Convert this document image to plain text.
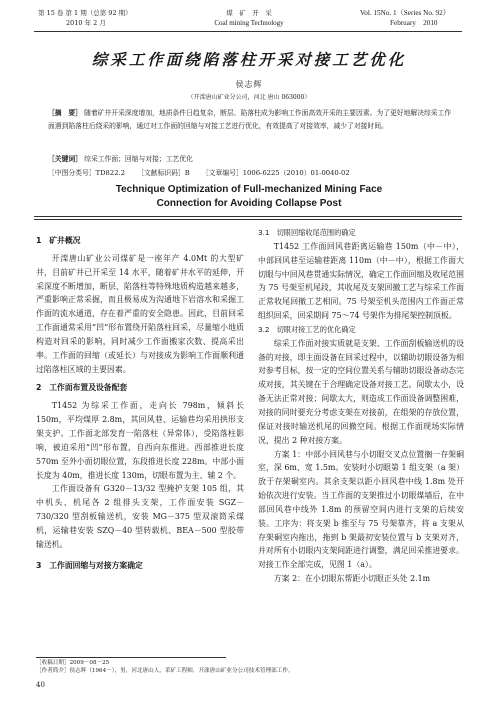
第 15 卷 第 1 期（总第 92 期）
2010 年 2 月
煤　矿　开　采
Coal mining Technology
Vol. 15No. 1（Series No. 92）
February　2010
综采工作面绕陷落柱开采对接工艺优化
侯志辉
（开滦唐山矿业分公司，河北 唐山 063000）
［摘　要］ 随着矿井开采深度增加，地质条件日趋复杂，断层、陷落柱成为影响工作面高效开采的主要因素。为了更好地解决综采工作面遇到陷落柱后绕采的影响，通过对工作面的回缩与对接工艺进行优化，有效提高了对接效率，减少了对接时间。
［关键词］ 综采工作面；回缩与对接；工艺优化
［中图分类号］TD822.2 ［文献标识码］B ［文章编号］1006-6225（2010）01-0040-02
Technique Optimization of Full-mechanized Mining Face
Connection for Avoiding Collapse Post
1　矿井概况

开滦唐山矿业公司煤矿是一座年产 4.0Mt 的大型矿井，目前矿井已开采至 14 水平，随着矿井水平的延伸，开采深度不断增加，断层、陷落柱等特殊地质构造越来越多，严重影响正常采掘，而且极易成为沟通地下岩溶水和采掘工作面的流水通道，存在着严重的安全隐患。因此，目前回采工作面通常采用“凹”形布置绕开陷落柱回采，尽量缩小地质构造对回采的影响，同时减少工作面搬家次数、提高采出率。工作面的回缩（或延长）与对接成为影响工作面顺利通过陷落柱区域的主要因素。

2　工作面布置及设备配套

T1452 为综采工作面，走向长 798m，倾斜长 150m，平均煤厚 2.8m，其回风巷、运输巷均采用拱形支架支护。工作面北部发育一陷落柱（异常体），受陷落柱影响，被迫采用“凹”形布置，自西向东推进。西部推进长度 570m 至外小面切眼位置，东段推进长度 228m。中部小面长度为 40m，推进长度 130m，切眼布置为主、辅 2 个。

工作面设备有 G320－13/32 型掩护支架 105 组，其中机头、机尾各 2 组排头支架，工作面安装 SGZ－730/320 型刮板输送机，安装 MG－375 型双滚筒采煤机，运输巷安装 SZQ－40 型转载机、BEA－500 型胶带输送机。

3　工作面回缩与对接方案确定
3.1　切眼回缩收尾范围的确定

T1452 工作面回风巷距离运输巷 150m（中－中），中部回风巷至运输巷距离 110m（中－中），根据工作面大切眼与中回风巷贯通实际情况，确定工作面回缩及收尾范围为 75 号架至机尾段，其收尾及支架回撤工艺与综采工作面正常收尾回撤工艺相同。75 号架至机头范围内工作面正常组织回采，回采期间 75～74 号架作为排尾架控制顶板。

3.2　切眼对接工艺的优化确定

综采工作面对接实质就是支架、工作面刮板输送机的设备的对接，即主面设备在回采过程中，以辅助切眼设备为相对参考目标，按一定的空间位置关系与辅助切眼设备动态完成对接，其关键在于合理确定设备对接工艺。间歇太小，设备无法正常对接；间歇太大，则造成工作面设备调整困难，对接的同时要充分考虑支架在对接前，在组架的存放位置，保证对接时输送机尾的回撤空间。根据工作面现场实际情况，提出 2 种对接方案。

方案 1：中部小回风巷与小切眼交叉点位置搁一存架硐室，深 6m、宽 1.5m。安装时小切眼第 1 组支架（a 架）放于存架硐室内。其余支架以距小回风巷中线 1.8m 处开始依次进行安装。当工作面的支架推过小切眼煤墙后，在中部回风巷中线外 1.8m 的预留空间内进行支架的后续安装。工序为：将支架 b 推至与 75 号架靠齐，将 a 支架从存架硐室内拖出，拖到 b 架最初安装位置与 b 支架对齐，并对所有小切眼内支架间距进行调整，满足回采推进要求。对接工作全部完成，见图 1（a）。

方案 2：在小切眼东帮距小切眼正头处 2.1m

［收稿日期］2009－08－25
［作者简介］侯志辉（1964－），男，河北唐山人，采矿工程师，开滦唐山矿业分公司技术管理部工作。
40
